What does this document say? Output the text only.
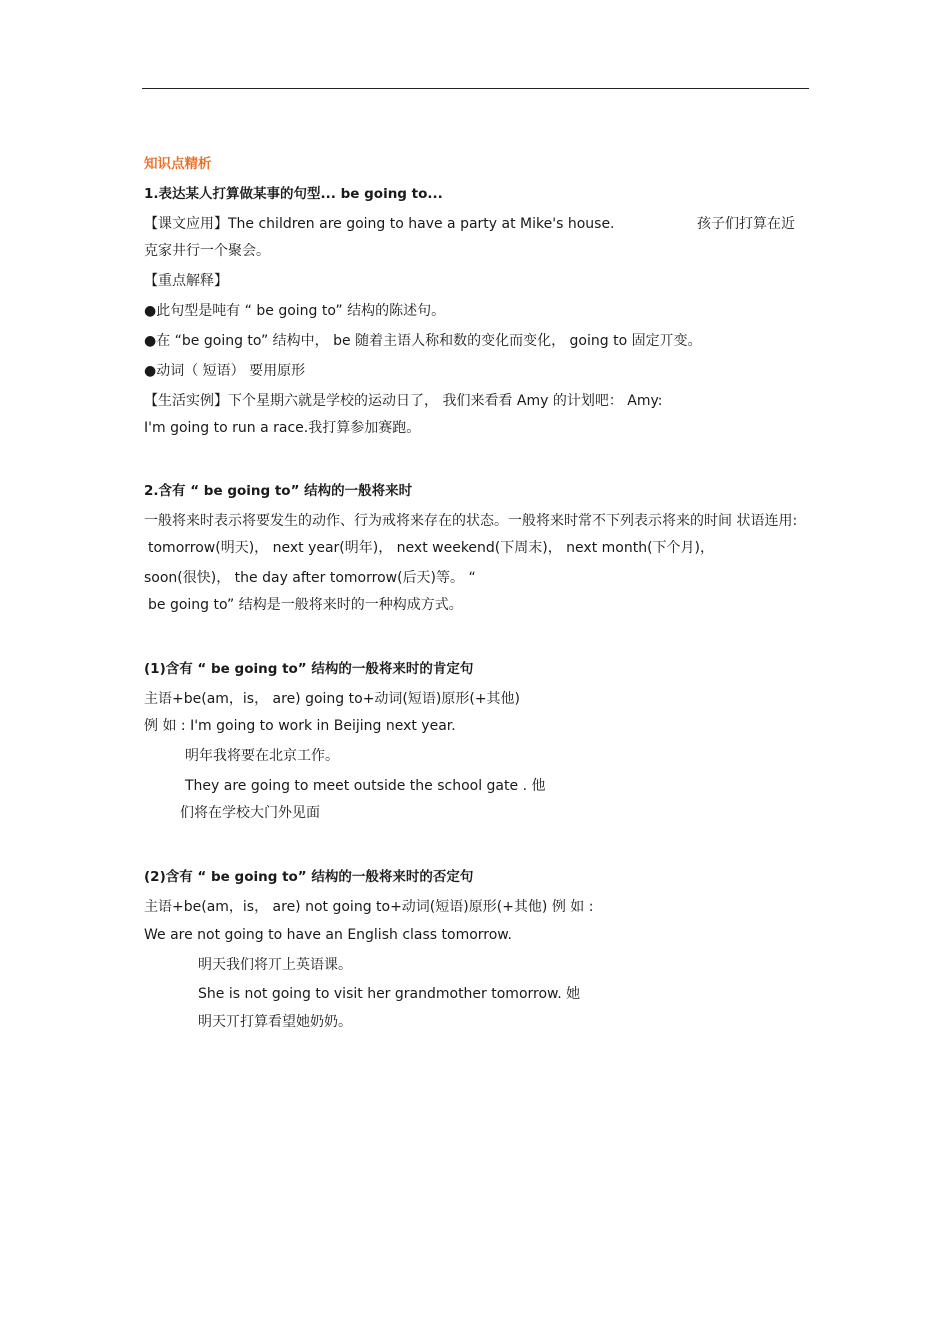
知识点精析
1.表达某人打算做某事的句型... be going to...
【课文应用】The children are going to have a party at Mike's house.	孩子们打算在近
克家井行一个聚会。
【重点解释】
●此句型是吨有 “ be going to” 结构的陈述句。
●在 “be going to” 结构中， be 随着主语人称和数的变化而变化， going to 固定丌变。
●动词（ 短语） 要用原形
【生活实例】下个星期六就是学校的运动日了， 我们来看看 Amy 的计划吧： Amy:
I'm going to run a race.我打算参加赛跑。
2.含有 “ be going to” 结构的一般将来时
一般将来时表示将要发生的动作、行为戒将来存在的状态。一般将来时常不下列表示将来的时间 状语连用:
tomorrow(明天)， next year(明年)， next weekend(下周末)， next month(下个月)，
soon(很快)， the day after tomorrow(后天)等。 “
be going to” 结构是一般将来时的一种构成方式。
(1)含有 “ be going to” 结构的一般将来时的肯定句
主语+be(am，is， are) going to+动词(短语)原形(+其他)
例 如 : I'm going to work in Beijing next year.
明年我将要在北京工作。
They are going to meet outside the school gate . 他
们将在学校大门外见面
(2)含有 “ be going to” 结构的一般将来时的否定句
主语+be(am，is， are) not going to+动词(短语)原形(+其他) 例 如 :
We are not going to have an English class tomorrow.
明天我们将丌上英语课。
She is not going to visit her grandmother tomorrow. 她
明天丌打算看望她奶奶。
